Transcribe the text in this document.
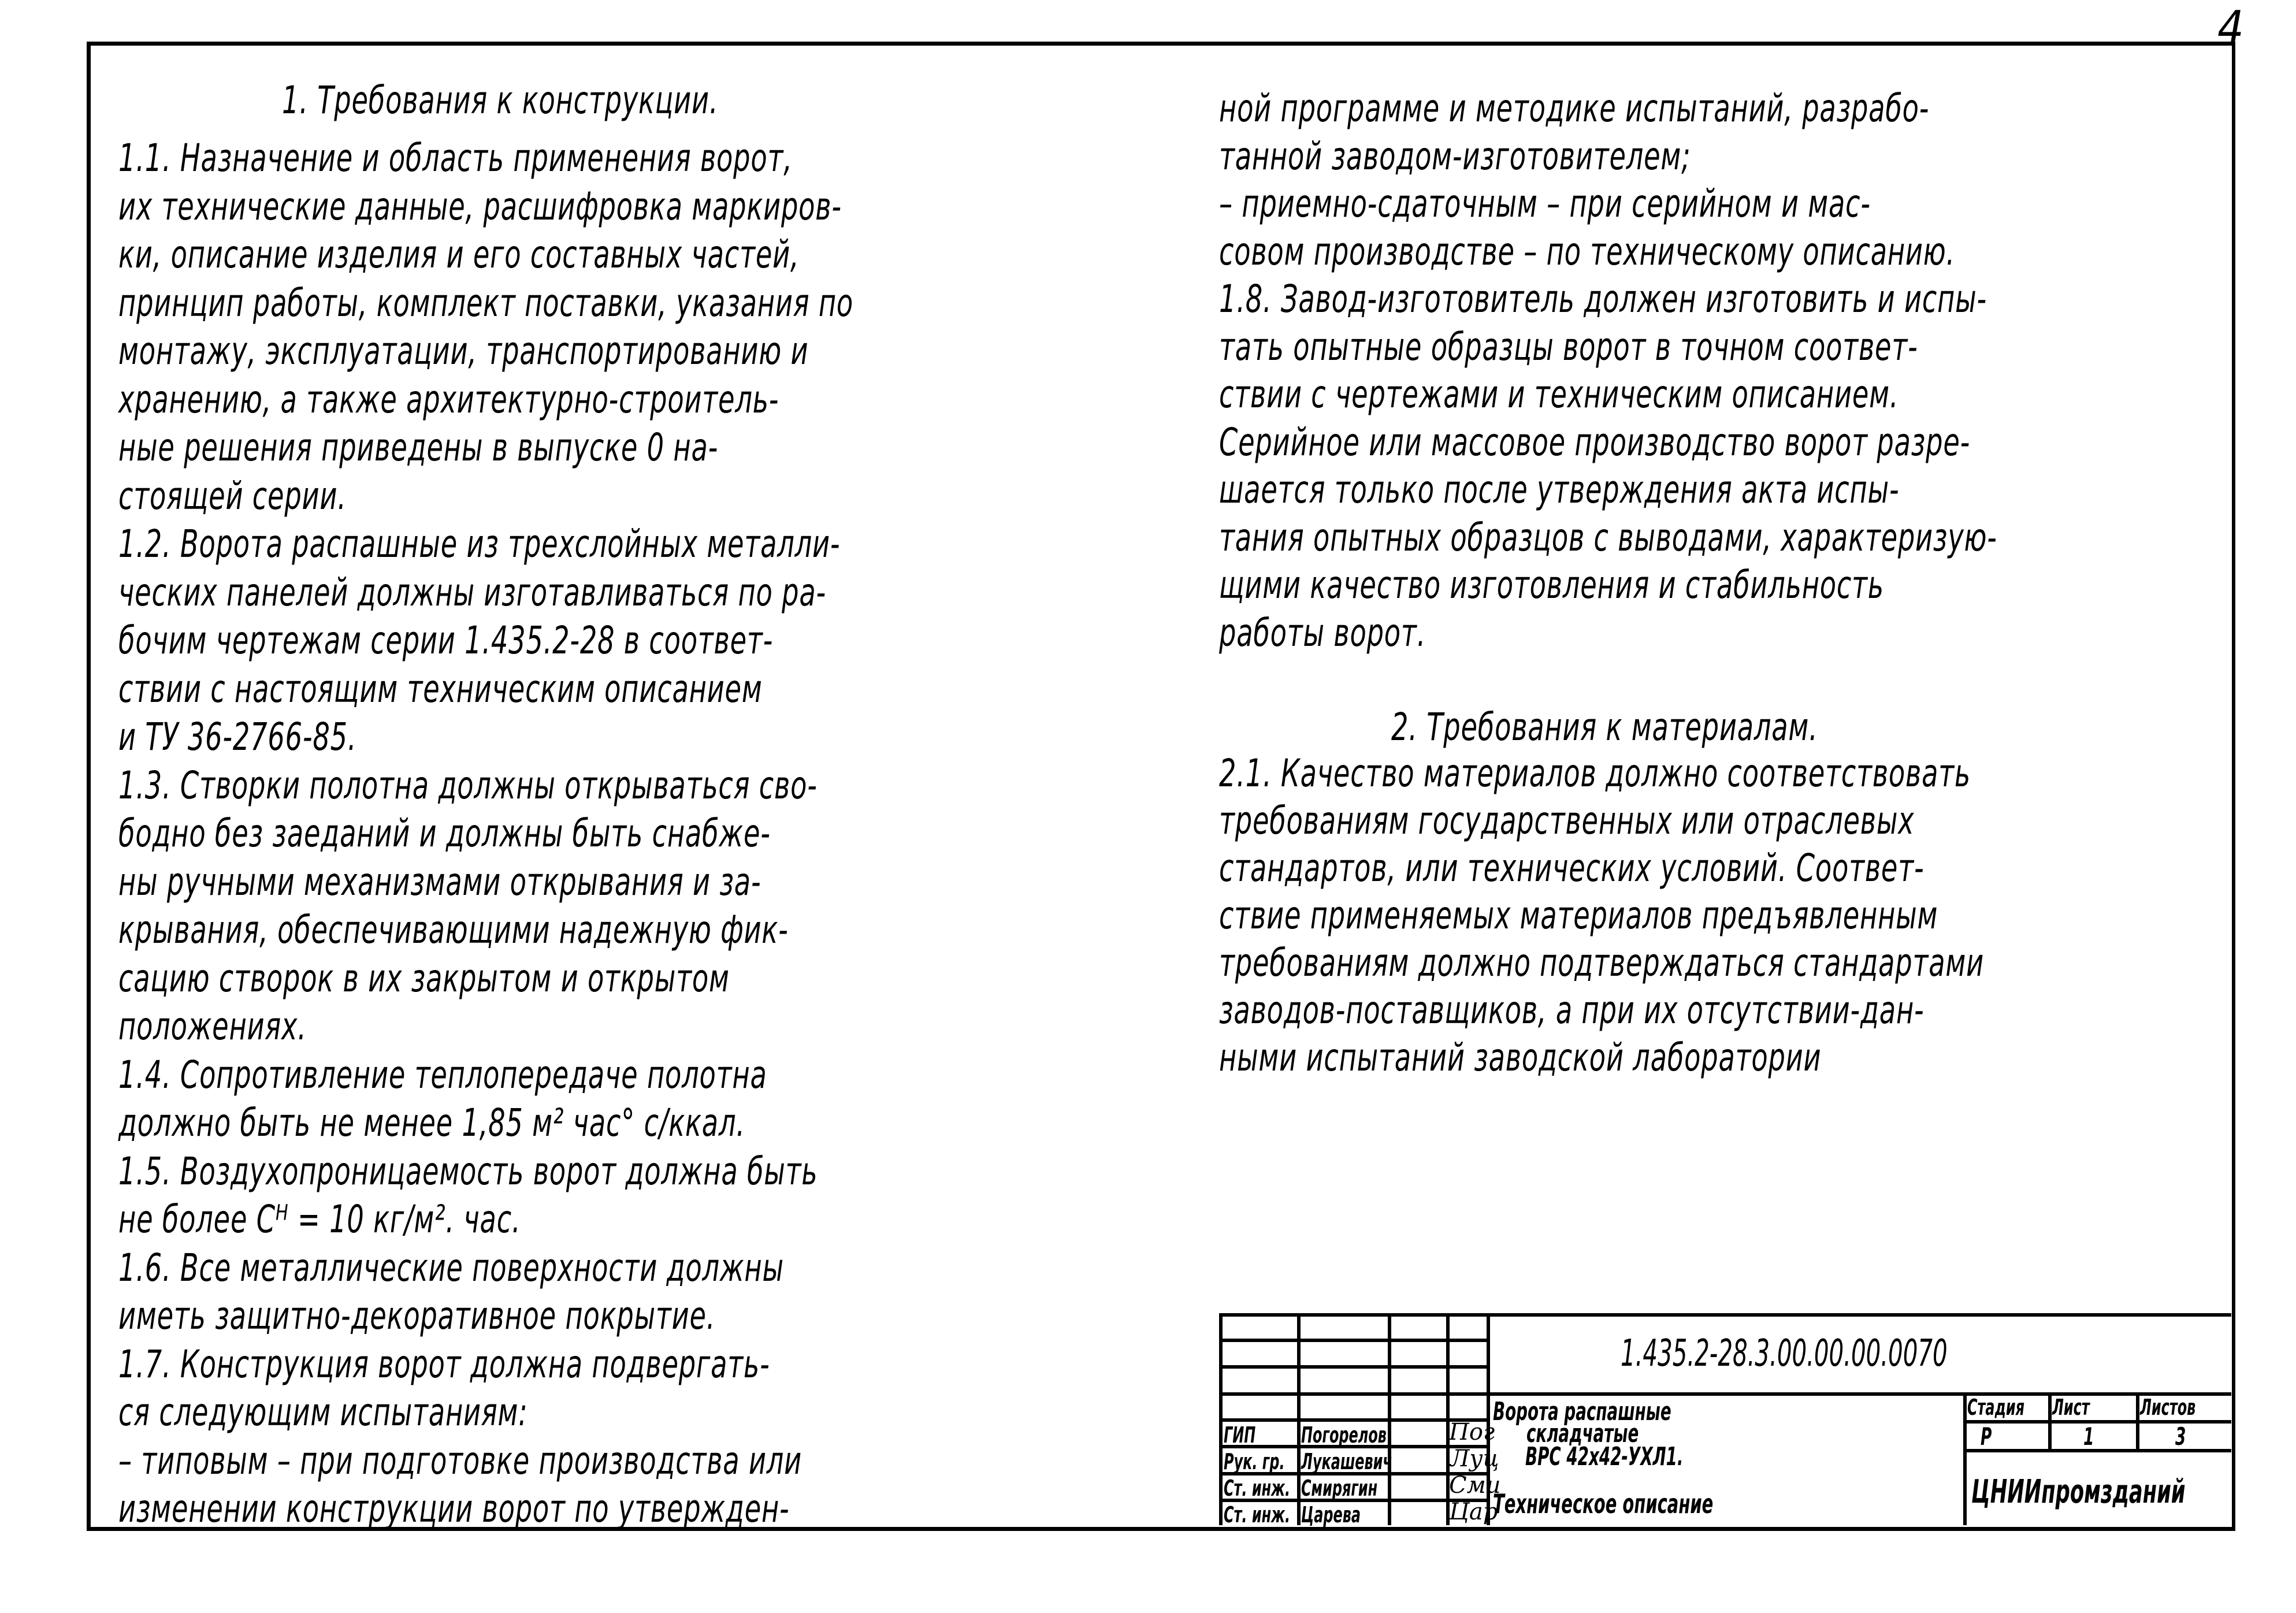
4
1. Требования к конструкции.
1.1. Назначение и область применения ворот,
их технические данные, расшифровка маркиров-
ки, описание изделия и его составных частей,
принцип работы, комплект поставки, указания по
монтажу, эксплуатации, транспортированию и
хранению, а также архитектурно-строитель-
ные решения приведены в выпуске 0 на-
стоящей серии.
1.2. Ворота распашные из трехслойных металли-
ческих панелей должны изготавливаться по ра-
бочим чертежам серии 1.435.2-28 в соответ-
ствии с настоящим техническим описанием
и ТУ 36-2766-85.
1.3. Створки полотна должны открываться сво-
бодно без заеданий и должны быть снабже-
ны ручными механизмами открывания и за-
крывания, обеспечивающими надежную фик-
сацию створок в их закрытом и открытом
положениях.
1.4. Сопротивление теплопередаче полотна
должно быть не менее 1,85 м² час° с/ккал.
1.5. Воздухопроницаемость ворот должна быть
не более Сᴴ = 10 кг/м². час.
1.6. Все металлические поверхности должны
иметь защитно-декоративное покрытие.
1.7. Конструкция ворот должна подвергать-
ся следующим испытаниям:
– типовым – при подготовке производства или
изменении конструкции ворот по утвержден-
ной программе и методике испытаний, разрабо-
танной заводом-изготовителем;
– приемно-сдаточным – при серийном и мас-
совом производстве – по техническому описанию.
1.8. Завод-изготовитель должен изготовить и испы-
тать опытные образцы ворот в точном соответ-
ствии с чертежами и техническим описанием.
Серийное или массовое производство ворот разре-
шается только после утверждения акта испы-
тания опытных образцов с выводами, характеризую-
щими качество изготовления и стабильность
работы ворот.
2. Требования к материалам.
2.1. Качество материалов должно соответствовать
требованиям государственных или отраслевых
стандартов, или технических условий. Соответ-
ствие применяемых материалов предъявленным
требованиям должно подтверждаться стандартами
заводов-поставщиков, а при их отсутствии-дан-
ными испытаний заводской лаборатории
1.435.2-28.3.00.00.00.0070
ГИП Погорелов	Пог
Рук. гр. Лукашевич	Луц
Ст. инж. Смирягин	Сми
Ст. инж. Царева	Цар
Ворота распашные
складчатые
ВРС 42х42-УХЛ1.
Техническое описание
Стадия Лист Листов
Р	1	3
ЦНИИпромзданий
